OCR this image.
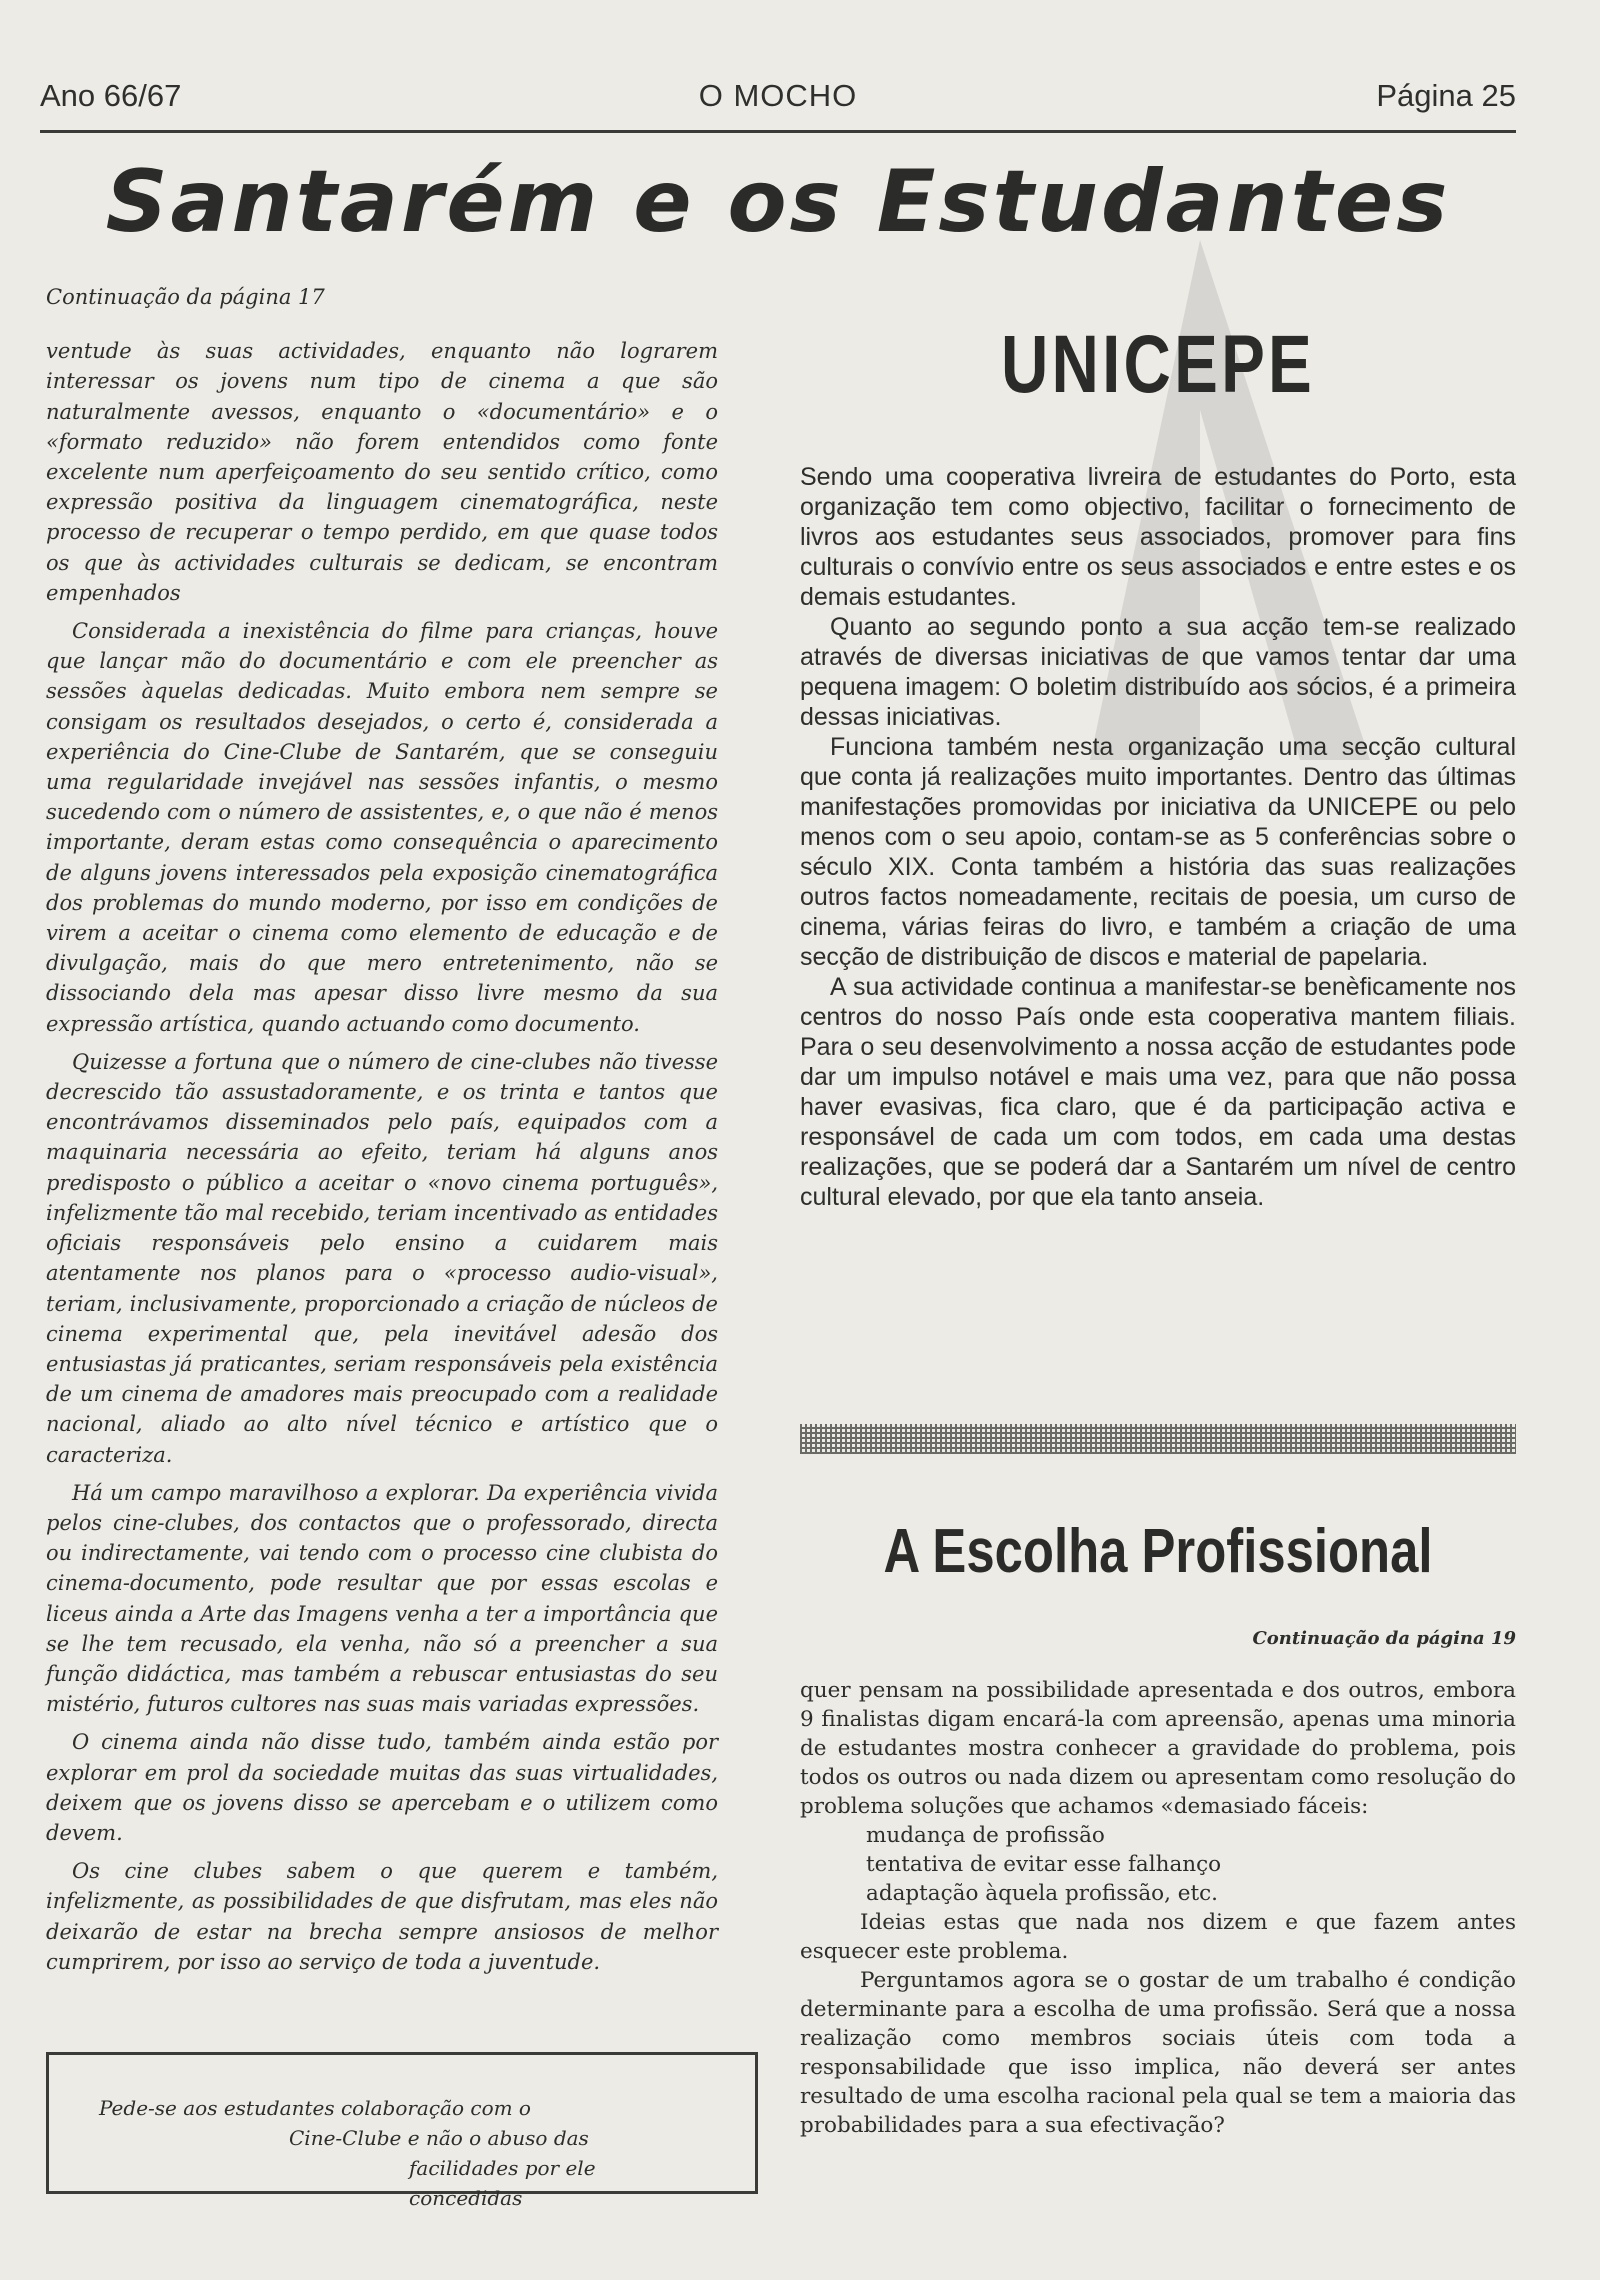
Ano 66/67	O MOCHO	Página 25
Santarém e os Estudantes
Continuação da página 17

ventude às suas actividades, enquanto não lograrem interessar os jovens num tipo de cinema a que são naturalmente avessos, enquanto o «documentário» e o «formato reduzido» não forem entendidos como fonte excelente num aperfeiçoamento do seu sentido crítico, como expressão positiva da linguagem cinematográfica, neste processo de recuperar o tempo perdido, em que quase todos os que às actividades culturais se dedicam, se encontram empenhados

Considerada a inexistência do filme para crianças, houve que lançar mão do documentário e com ele preencher as sessões àquelas dedicadas. Muito embora nem sempre se consigam os resultados desejados, o certo é, considerada a experiência do Cine-Clube de Santarém, que se conseguiu uma regularidade invejável nas sessões infantis, o mesmo sucedendo com o número de assistentes, e, o que não é menos importante, deram estas como consequência o aparecimento de alguns jovens interessados pela exposição cinematográfica dos problemas do mundo moderno, por isso em condições de virem a aceitar o cinema como elemento de educação e de divulgação, mais do que mero entretenimento, não se dissociando dela mas apesar disso livre mesmo da sua expressão artística, quando actuando como documento.

Quizesse a fortuna que o número de cine-clubes não tivesse decrescido tão assustadoramente, e os trinta e tantos que encontrávamos disseminados pelo país, equipados com a maquinaria necessária ao efeito, teriam há alguns anos predisposto o público a aceitar o «novo cinema português», infelizmente tão mal recebido, teriam incentivado as entidades oficiais responsáveis pelo ensino a cuidarem mais atentamente nos planos para o «processo audio-visual», teriam, inclusivamente, proporcionado a criação de núcleos de cinema experimental que, pela inevitável adesão dos entusiastas já praticantes, seriam responsáveis pela existência de um cinema de amadores mais preocupado com a realidade nacional, aliado ao alto nível técnico e artístico que o caracteriza.

Há um campo maravilhoso a explorar. Da experiência vivida pelos cine-clubes, dos contactos que o professorado, directa ou indirectamente, vai tendo com o processo cine clubista do cinema-documento, pode resultar que por essas escolas e liceus ainda a Arte das Imagens venha a ter a importância que se lhe tem recusado, ela venha, não só a preencher a sua função didáctica, mas também a rebuscar entusiastas do seu mistério, futuros cultores nas suas mais variadas expressões.

O cinema ainda não disse tudo, também ainda estão por explorar em prol da sociedade muitas das suas virtualidades, deixem que os jovens disso se apercebam e o utilizem como devem.

Os cine clubes sabem o que querem e também, infelizmente, as possibilidades de que disfrutam, mas eles não deixarão de estar na brecha sempre ansiosos de melhor cumprirem, por isso ao serviço de toda a juventude.

Pede-se aos estudantes colaboração com o
Cine-Clube e não o abuso das
facilidades por ele concedidas
UNICEPE

Sendo uma cooperativa livreira de estudantes do Porto, esta organização tem como objectivo, facilitar o fornecimento de livros aos estudantes seus associados, promover para fins culturais o convívio entre os seus associados e entre estes e os demais estudantes.

Quanto ao segundo ponto a sua acção tem-se realizado através de diversas iniciativas de que vamos tentar dar uma pequena imagem: O boletim distribuído aos sócios, é a primeira dessas iniciativas.

Funciona também nesta organização uma secção cultural que conta já realizações muito importantes. Dentro das últimas manifestações promovidas por iniciativa da UNICEPE ou pelo menos com o seu apoio, contam-se as 5 conferências sobre o século XIX. Conta também a história das suas realizações outros factos nomeadamente, recitais de poesia, um curso de cinema, várias feiras do livro, e também a criação de uma secção de distribuição de discos e material de papelaria.

A sua actividade continua a manifestar-se benèficamente nos centros do nosso País onde esta cooperativa mantem filiais. Para o seu desenvolvimento a nossa acção de estudantes pode dar um impulso notável e mais uma vez, para que não possa haver evasivas, fica claro, que é da participação activa e responsável de cada um com todos, em cada uma destas realizações, que se poderá dar a Santarém um nível de centro cultural elevado, por que ela tanto anseia.

A Escolha Profissional
Continuação da página 19

quer pensam na possibilidade apresentada e dos outros, embora 9 finalistas digam encará-la com apreensão, apenas uma minoria de estudantes mostra conhecer a gravidade do problema, pois todos os outros ou nada dizem ou apresentam como resolução do problema soluções que achamos «demasiado fáceis:

mudança de profissão
tentativa de evitar esse falhanço
adaptação àquela profissão, etc.

Ideias estas que nada nos dizem e que fazem antes esquecer este problema.

Perguntamos agora se o gostar de um trabalho é condição determinante para a escolha de uma profissão. Será que a nossa realização como membros sociais úteis com toda a responsabilidade que isso implica, não deverá ser antes resultado de uma escolha racional pela qual se tem a maioria das probabilidades para a sua efectivação?
